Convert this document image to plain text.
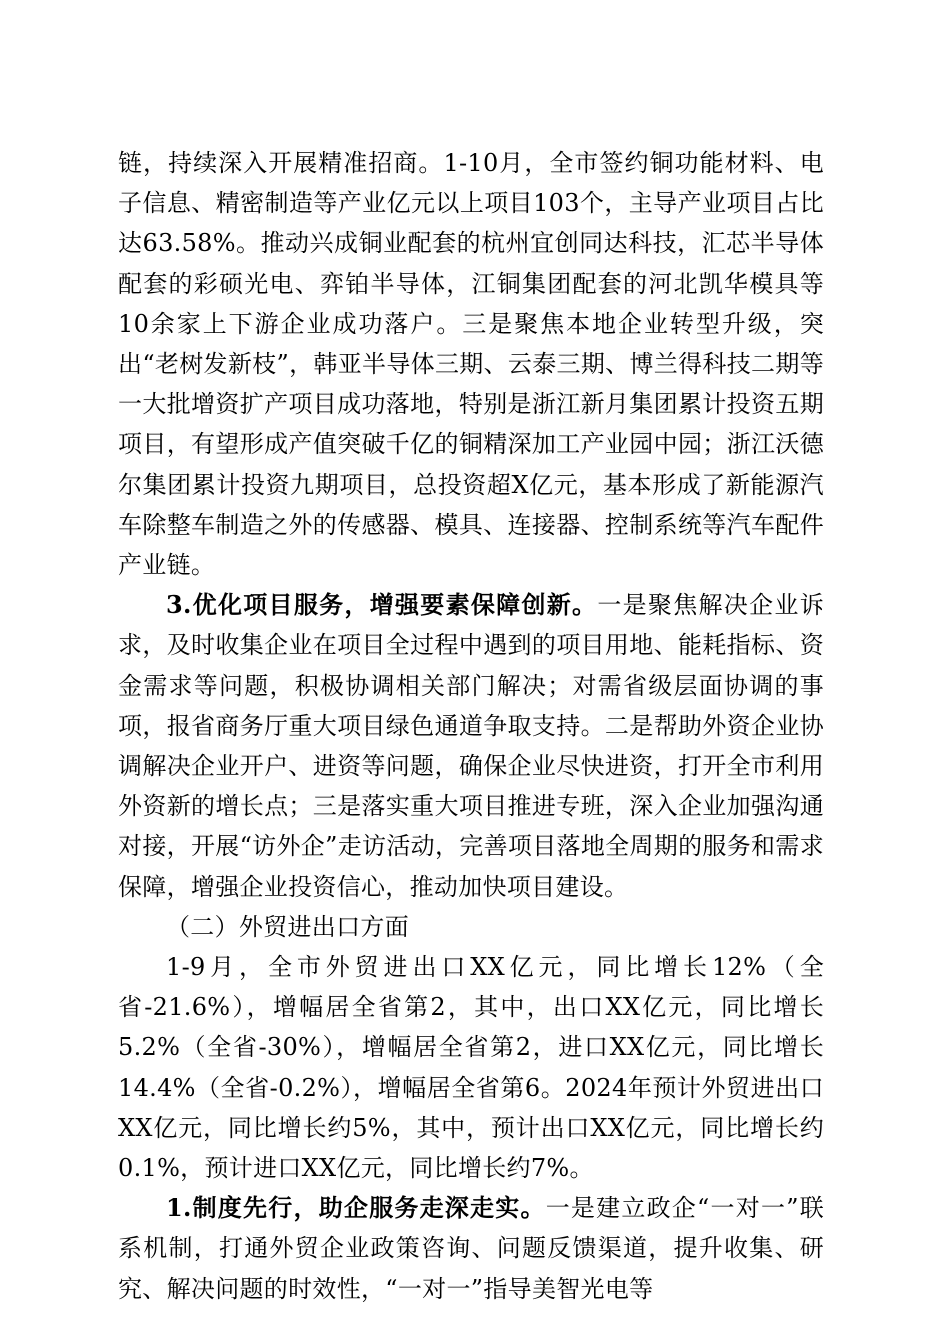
链，持续深入开展精准招商。1-10月，全市签约铜功能材料、电子信息、精密制造等产业亿元以上项目103个，主导产业项目占比达63.58%。推动兴成铜业配套的杭州宜创同达科技，汇芯半导体配套的彩硕光电、弈铂半导体，江铜集团配套的河北凯华模具等10余家上下游企业成功落户。三是聚焦本地企业转型升级，突出“老树发新枝”，韩亚半导体三期、云泰三期、博兰得科技二期等一大批增资扩产项目成功落地，特别是浙江新月集团累计投资五期项目，有望形成产值突破千亿的铜精深加工产业园中园；浙江沃德尔集团累计投资九期项目，总投资超X亿元，基本形成了新能源汽车除整车制造之外的传感器、模具、连接器、控制系统等汽车配件产业链。

3.优化项目服务，增强要素保障创新。一是聚焦解决企业诉求，及时收集企业在项目全过程中遇到的项目用地、能耗指标、资金需求等问题，积极协调相关部门解决；对需省级层面协调的事项，报省商务厅重大项目绿色通道争取支持。二是帮助外资企业协调解决企业开户、进资等问题，确保企业尽快进资，打开全市利用外资新的增长点；三是落实重大项目推进专班，深入企业加强沟通对接，开展“访外企”走访活动，完善项目落地全周期的服务和需求保障，增强企业投资信心，推动加快项目建设。

（二）外贸进出口方面

1-9月，全市外贸进出口XX亿元，同比增长12%（全省-21.6%），增幅居全省第2，其中，出口XX亿元，同比增长5.2%（全省-30%），增幅居全省第2，进口XX亿元，同比增长14.4%（全省-0.2%），增幅居全省第6。2024年预计外贸进出口XX亿元，同比增长约5%，其中，预计出口XX亿元，同比增长约0.1%，预计进口XX亿元，同比增长约7%。

1.制度先行，助企服务走深走实。一是建立政企“一对一”联系机制，打通外贸企业政策咨询、问题反馈渠道，提升收集、研究、解决问题的时效性，“一对一”指导美智光电等
